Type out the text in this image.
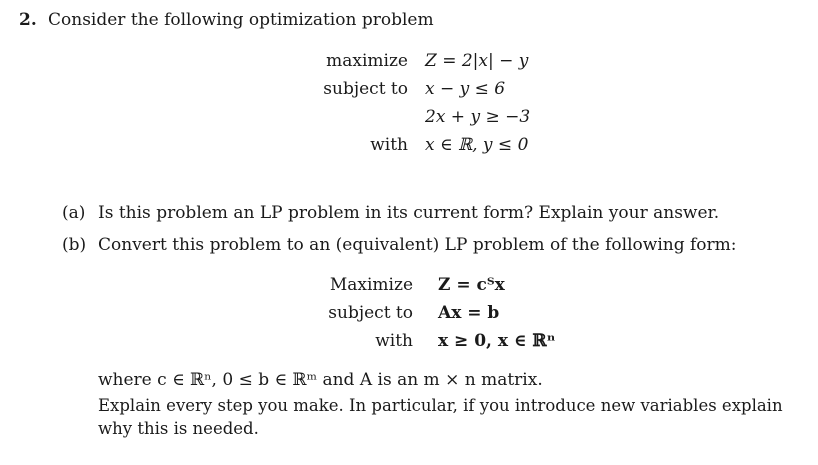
2. Consider the following optimization problem
maximize Z = 2|x| − y
subject to x − y ≤ 6
2x + y ≥ −3
with x ∈ ℝ, y ≤ 0
(a) Is this problem an LP problem in its current form? Explain your answer.
(b) Convert this problem to an (equivalent) LP problem of the following form:
Maximize Z = cᵀx
subject to Ax = b
with x ≥ 0, x ∈ ℝⁿ
where c ∈ ℝⁿ, 0 ≤ b ∈ ℝᵐ and A is an m × n matrix.
Explain every step you make. In particular, if you introduce new variables explain why this is needed.
